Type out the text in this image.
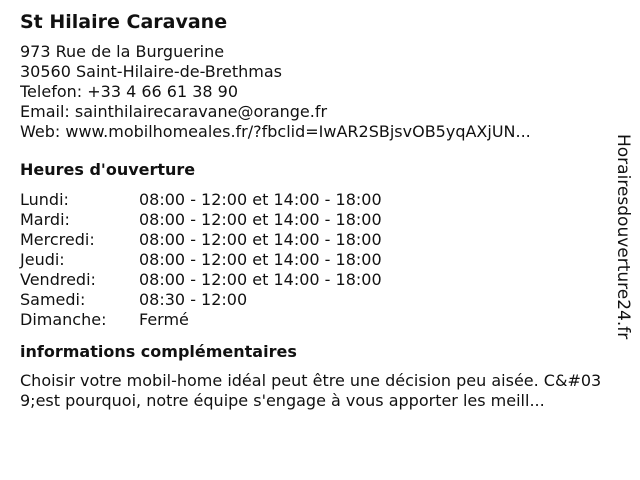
St Hilaire Caravane
973 Rue de la Burguerine
30560 Saint-Hilaire-de-Brethmas
Telefon: +33 4 66 61 38 90
Email: sainthilairecaravane@orange.fr
Web: www.mobilhomeales.fr/?fbclid=IwAR2SBjsvOB5yqAXjUN...
Heures d'ouverture
Lundi:	08:00 - 12:00 et 14:00 - 18:00
Mardi:	08:00 - 12:00 et 14:00 - 18:00
Mercredi:	08:00 - 12:00 et 14:00 - 18:00
Jeudi:	08:00 - 12:00 et 14:00 - 18:00
Vendredi:	08:00 - 12:00 et 14:00 - 18:00
Samedi:	08:30 - 12:00
Dimanche:	Fermé
informations complémentaires
Choisir votre mobil-home idéal peut être une décision peu aisée. C&#039;est pourquoi, notre équipe s'engage à vous apporter les meill...
Horairesdouverture24.fr
